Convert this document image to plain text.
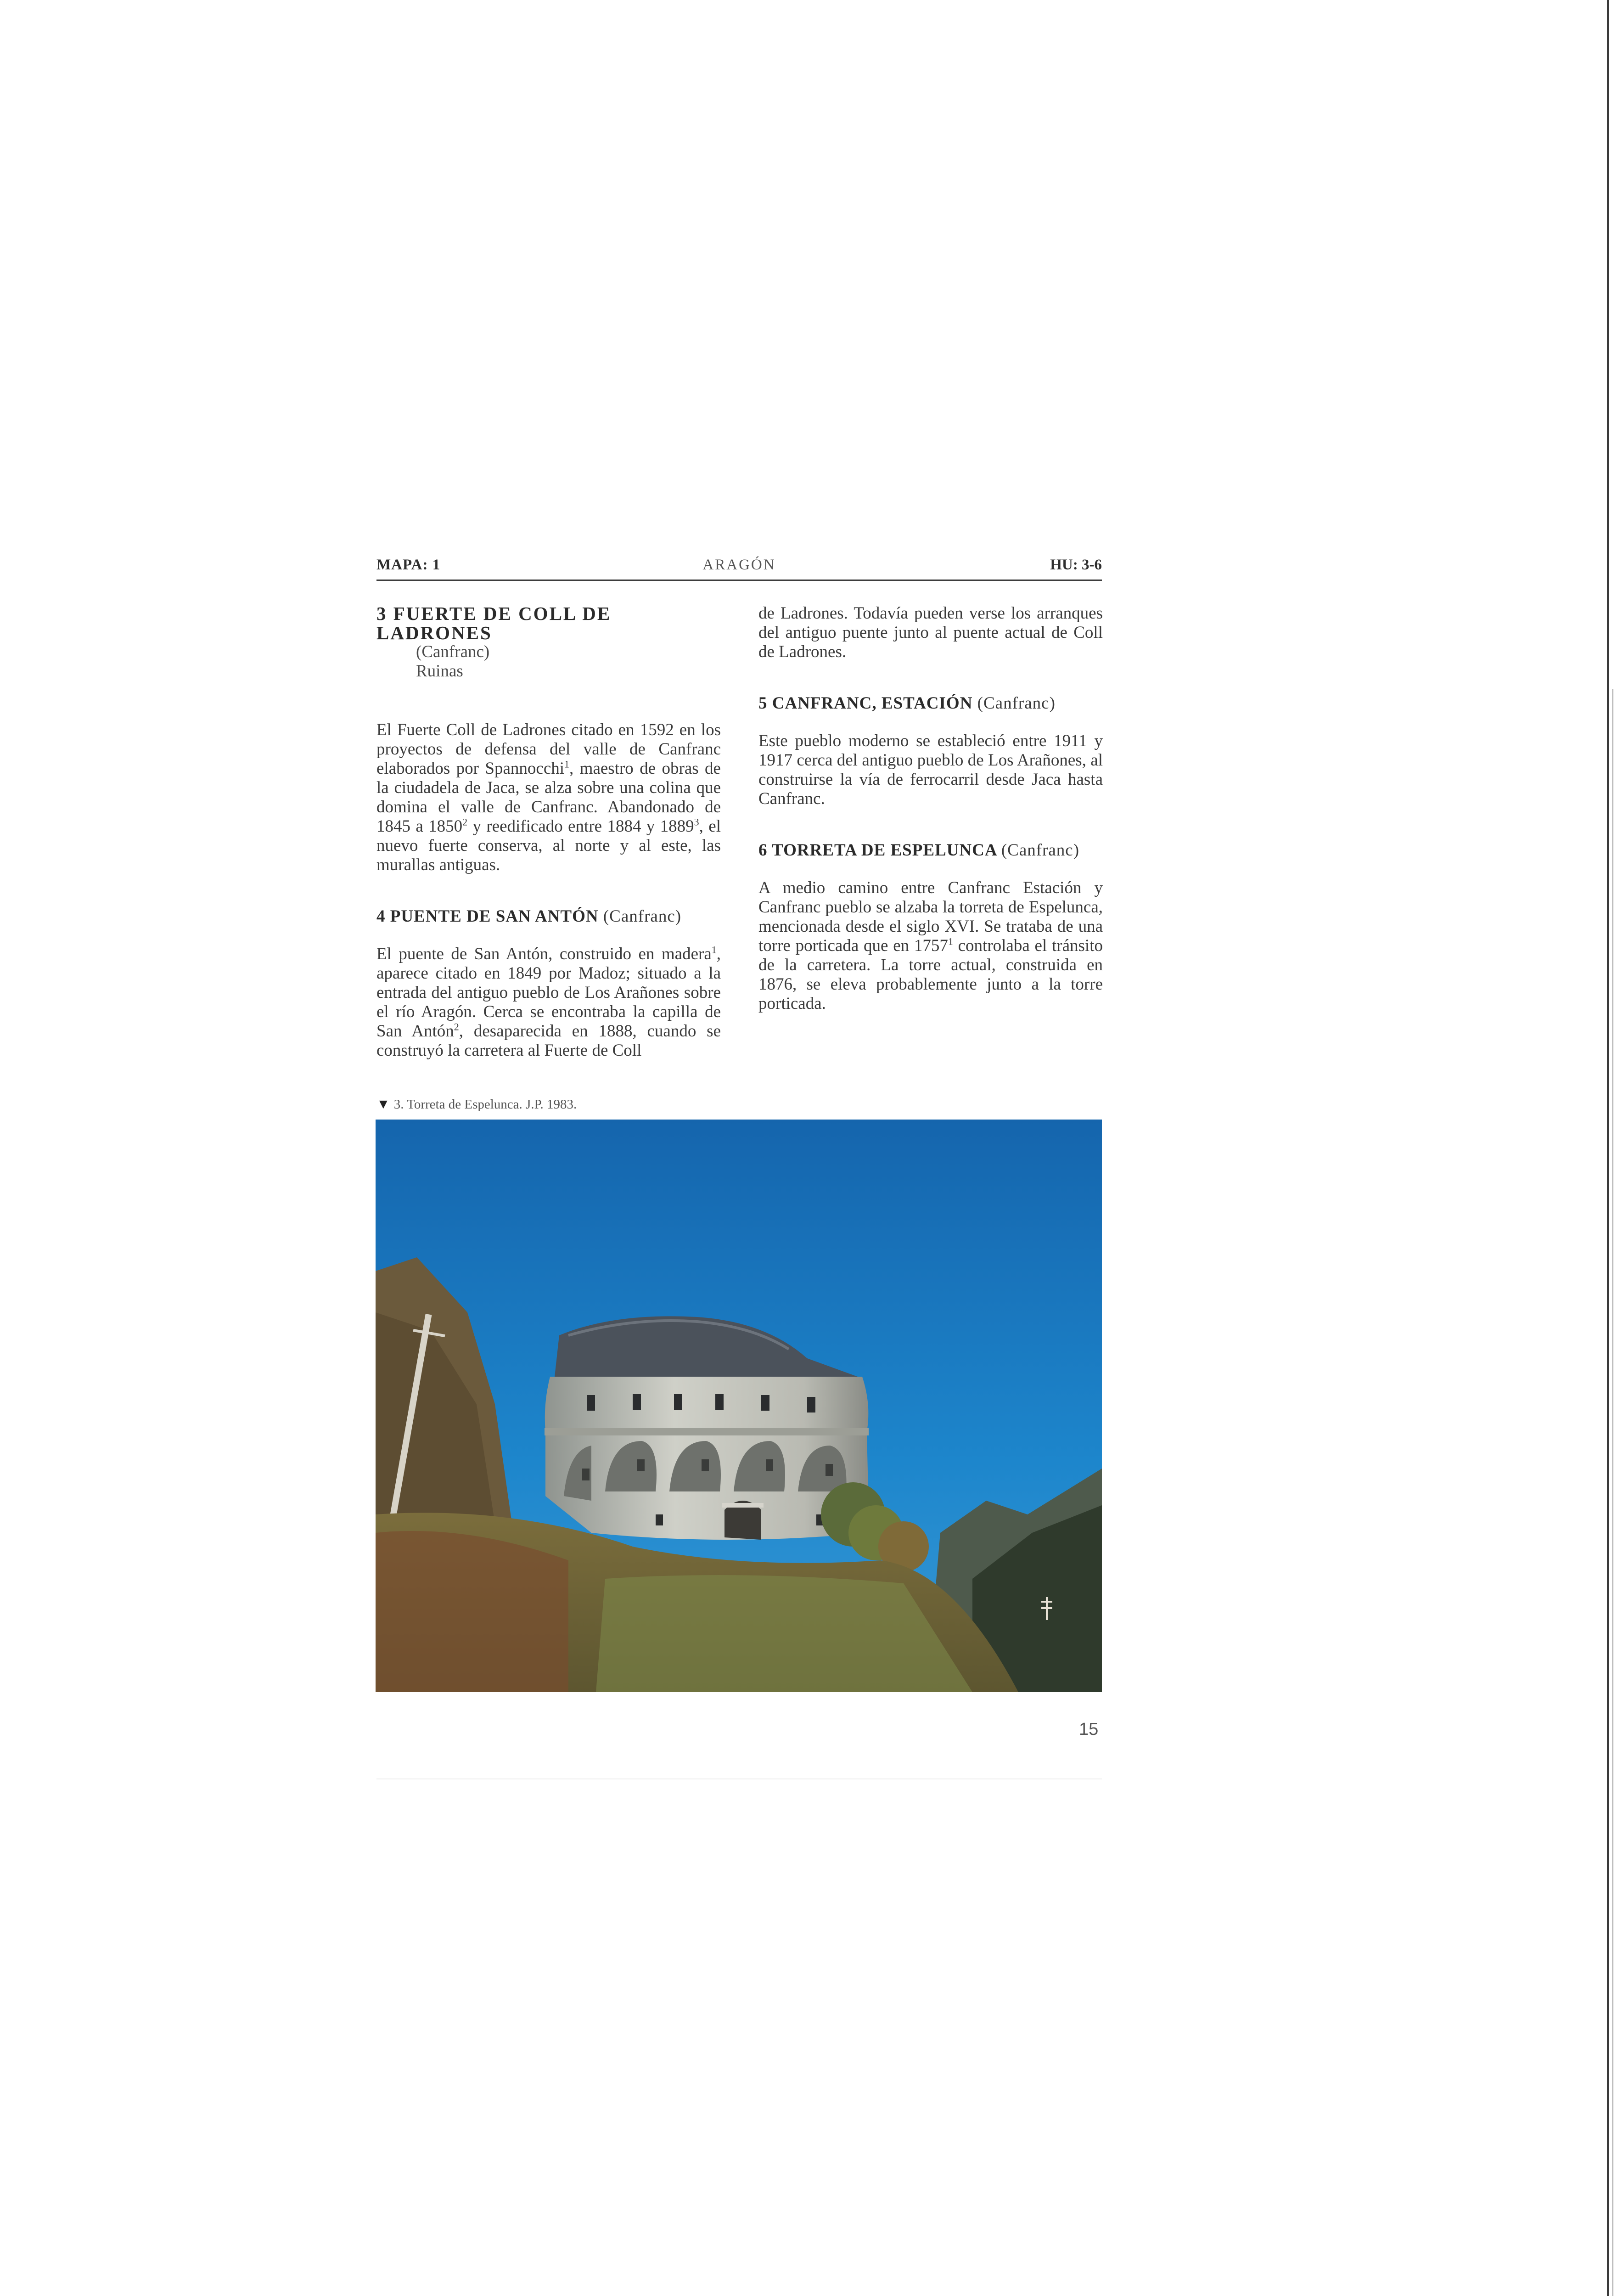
MAPA: 1	ARAGÓN	HU: 3-6
3 FUERTE DE COLL DE LADRONES
(Canfranc)
Ruinas

El Fuerte Coll de Ladrones citado en 1592 en los proyectos de defensa del valle de Canfranc elaborados por Spannocchi$^1$, maestro de obras de la ciudadela de Jaca, se alza sobre una colina que domina el valle de Canfranc. Abandonado de 1845 a 1850$^2$ y reedificado entre 1884 y 1889$^3$, el nuevo fuerte conserva, al norte y al este, las murallas antiguas.

4 PUENTE DE SAN ANTÓN (Canfranc)

El puente de San Antón, construido en madera$^1$, aparece citado en 1849 por Madoz; situado a la entrada del antiguo pueblo de Los Arañones sobre el río Aragón. Cerca se encontraba la capilla de San Antón$^2$, desaparecida en 1888, cuando se construyó la carretera al Fuerte de Coll

de Ladrones. Todavía pueden verse los arranques del antiguo puente junto al puente actual de Coll de Ladrones.

5 CANFRANC, ESTACIÓN (Canfranc)

Este pueblo moderno se estableció entre 1911 y 1917 cerca del antiguo pueblo de Los Arañones, al construirse la vía de ferrocarril desde Jaca hasta Canfranc.

6 TORRETA DE ESPELUNCA (Canfranc)

A medio camino entre Canfranc Estación y Canfranc pueblo se alzaba la torreta de Espelunca, mencionada desde el siglo XVI. Se trataba de una torre porticada que en 1757$^1$ controlaba el tránsito de la carretera. La torre actual, construida en 1876, se eleva probablemente junto a la torre porticada.

▼ 3. Torreta de Espelunca. J.P. 1983.
15
